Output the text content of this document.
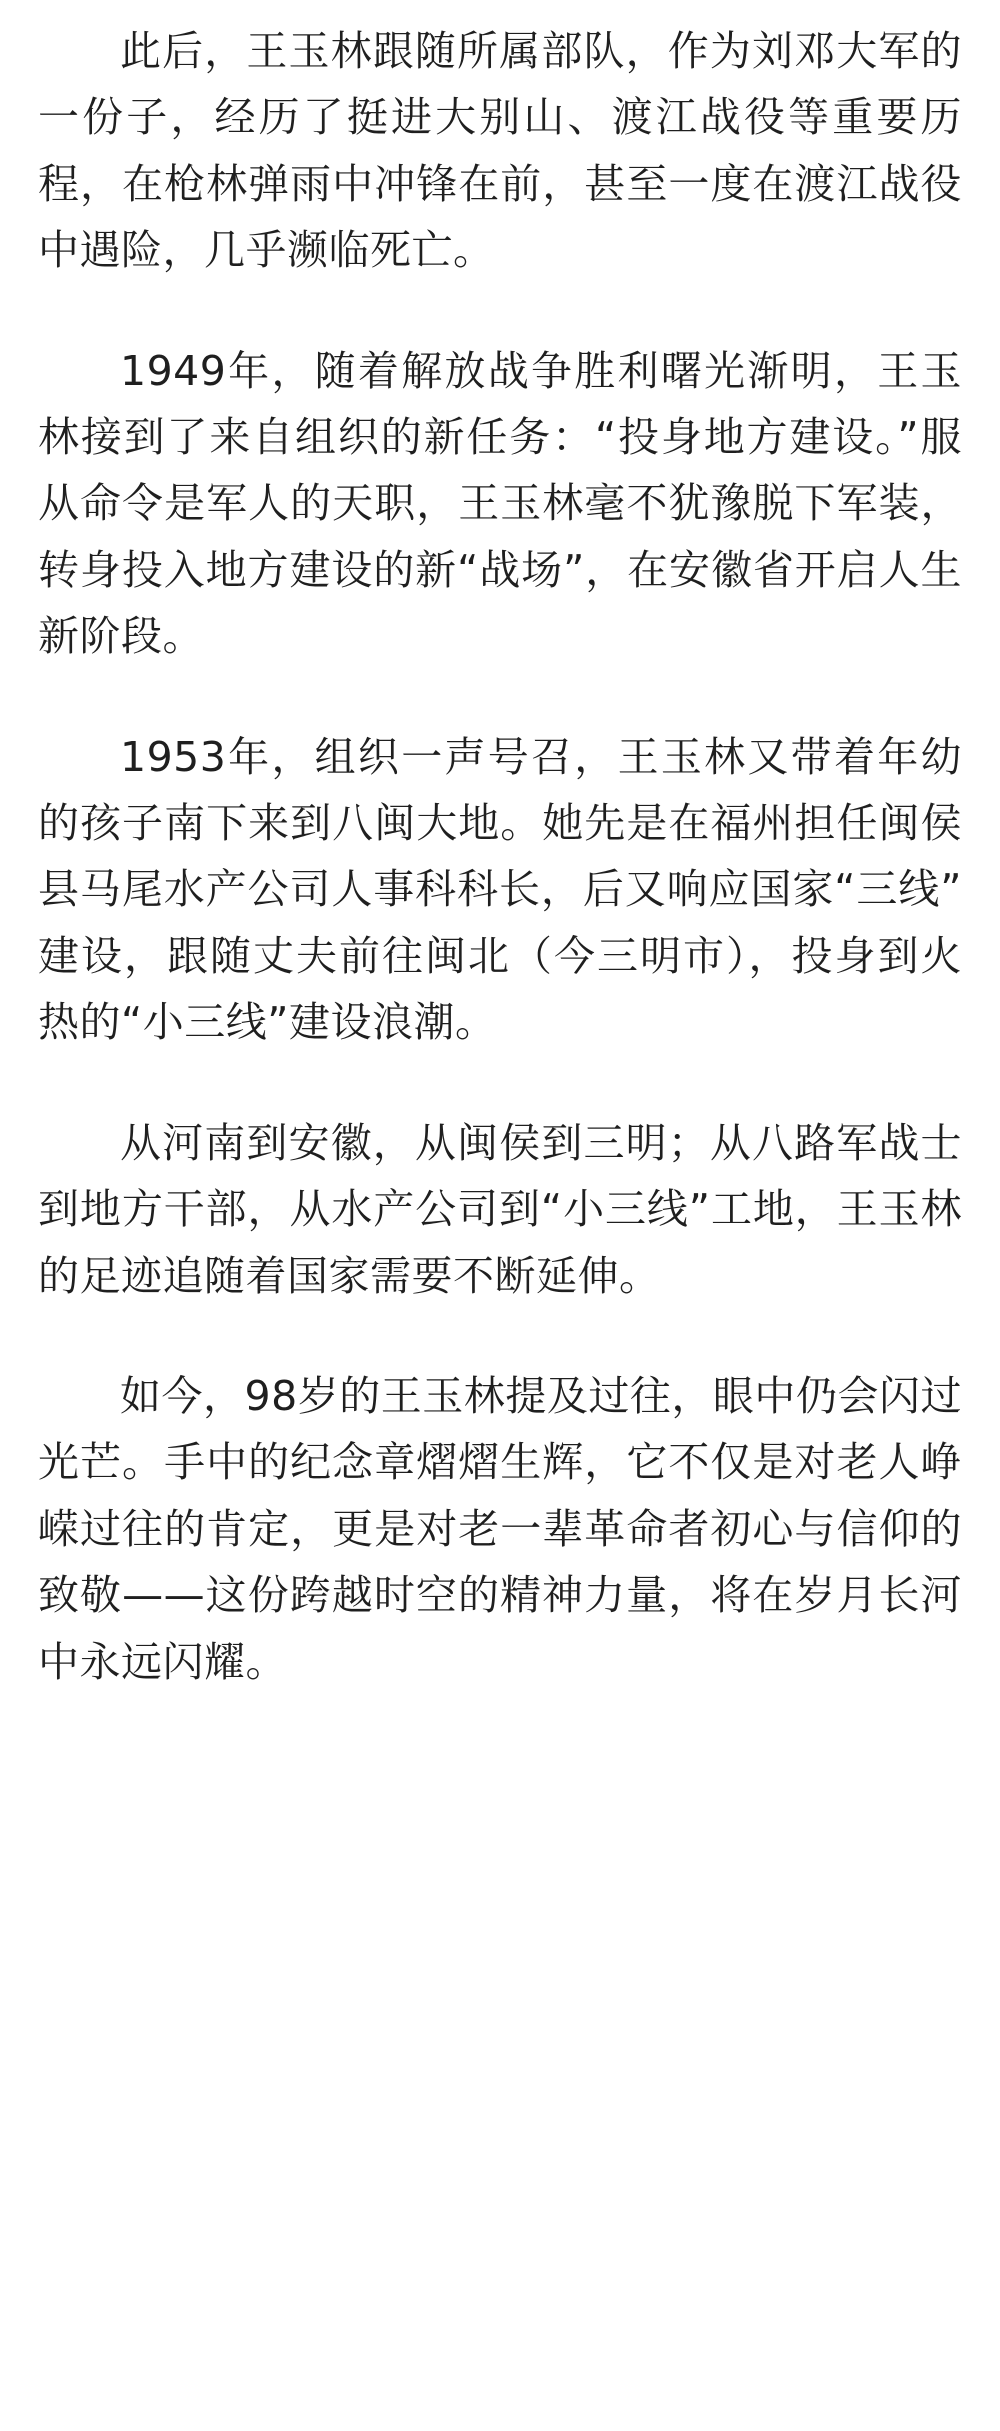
此后，王玉林跟随所属部队，作为刘邓大军的一份子，经历了挺进大别山、渡江战役等重要历程，在枪林弹雨中冲锋在前，甚至一度在渡江战役中遇险，几乎濒临死亡。

1949年，随着解放战争胜利曙光渐明，王玉林接到了来自组织的新任务：“投身地方建设。”服从命令是军人的天职，王玉林毫不犹豫脱下军装，转身投入地方建设的新“战场”，在安徽省开启人生新阶段。

1953年，组织一声号召，王玉林又带着年幼的孩子南下来到八闽大地。她先是在福州担任闽侯县马尾水产公司人事科科长，后又响应国家“三线”建设，跟随丈夫前往闽北（今三明市），投身到火热的“小三线”建设浪潮。

从河南到安徽，从闽侯到三明；从八路军战士到地方干部，从水产公司到“小三线”工地，王玉林的足迹追随着国家需要不断延伸。

如今，98岁的王玉林提及过往，眼中仍会闪过光芒。手中的纪念章熠熠生辉，它不仅是对老人峥嵘过往的肯定，更是对老一辈革命者初心与信仰的致敬——这份跨越时空的精神力量，将在岁月长河中永远闪耀。
